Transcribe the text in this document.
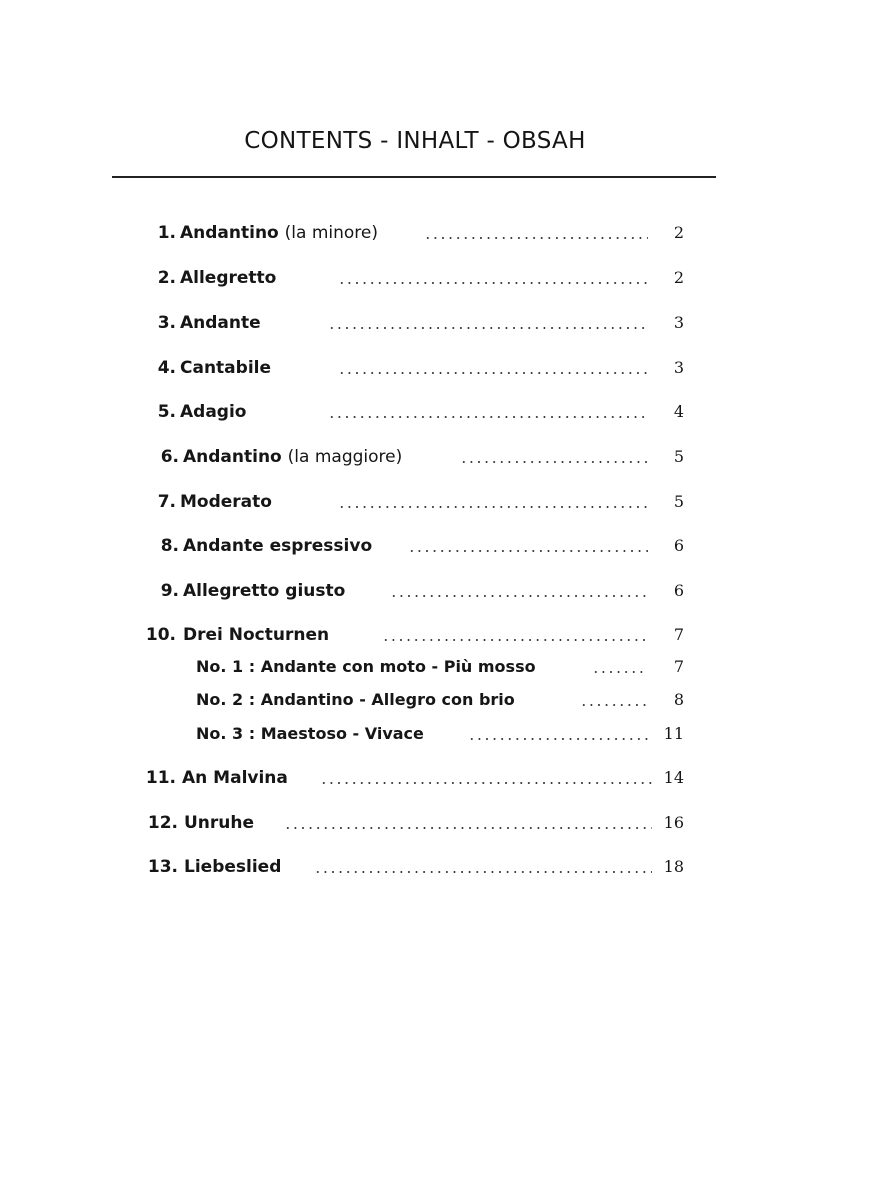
CONTENTS - INHALT - OBSAH
1. Andantino (la minore)	2
2. Allegretto	2
3. Andante	3
4. Cantabile	3
5. Adagio	4
6. Andantino (la maggiore)	5
7. Moderato	5
8. Andante espressivo	6
9. Allegretto giusto	6
10. Drei Nocturnen	7
No. 1 : Andante con moto - Più mosso	7
No. 2 : Andantino - Allegro con brio	8
No. 3 : Maestoso - Vivace	11
11. An Malvina	14
12. Unruhe	16
13. Liebeslied	18
